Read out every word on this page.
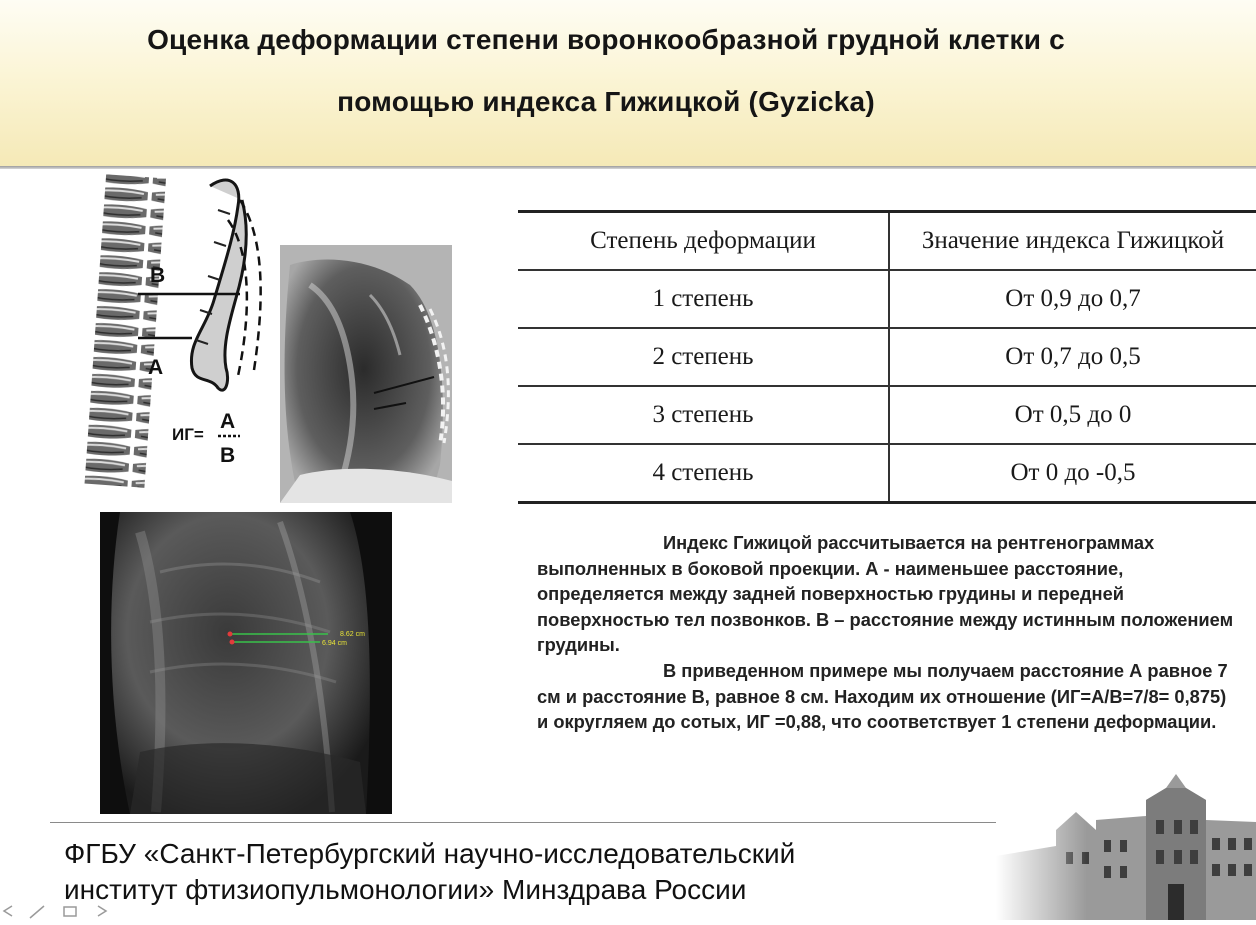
Оценка деформации степени воронкообразной грудной клетки с
помощью индекса Гижицкой (Gyzicka)
B
A
ИГ=
A
B
Степень деформации	Значение индекса Гижицкой
1 степень	От 0,9 до 0,7
2 степень	От 0,7 до 0,5
3 степень	От 0,5 до 0
4 степень	От 0 до -0,5
8.62 cm
6.94 cm

Индекс Гижицой рассчитывается на рентгенограммах выполненных в боковой проекции. А - наименьшее расстояние, определяется между задней поверхностью грудины и передней поверхностью тел позвонков. В – расстояние между истинным положением грудины.

В приведенном примере мы получаем расстояние А равное 7 см и расстояние В, равное 8 см. Находим их отношение (ИГ=А/В=7/8= 0,875) и округляем до сотых, ИГ =0,88, что соответствует 1 степени деформации.

ФГБУ «Санкт-Петербургский научно-исследовательский
институт фтизиопульмонологии» Минздрава России
